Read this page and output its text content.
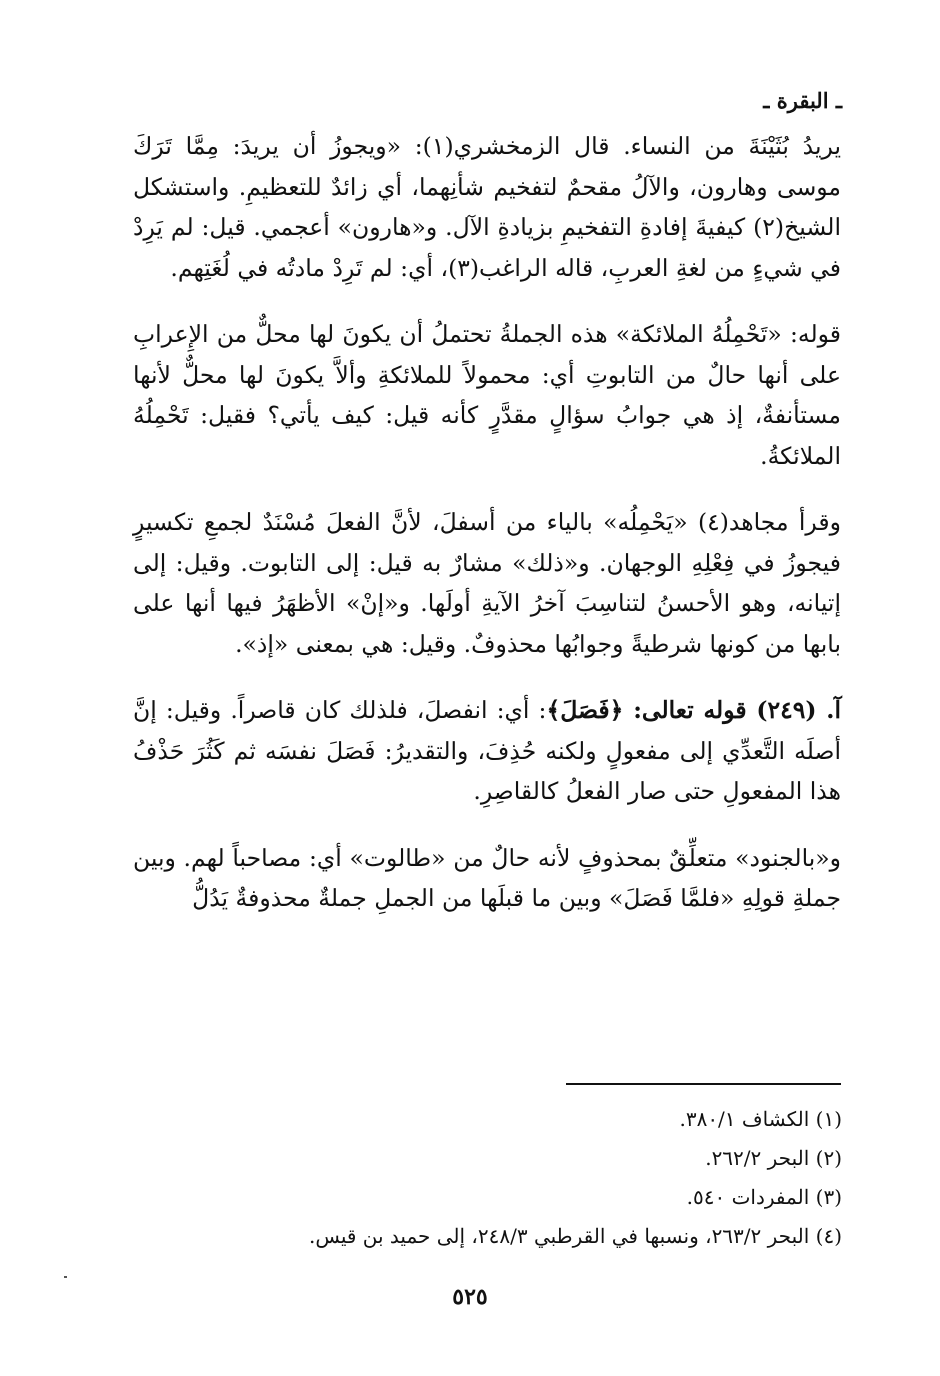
ـ البقرة ـ

يريدُ بُثَيْنَةَ من النساء. قال الزمخشري(١): «ويجوزُ أن يريدَ: مِمَّا تَرَكَ موسى وهارون، والآلُ مقحمٌ لتفخيم شأنِهما، أي زائدٌ للتعظيمِ. واستشكل الشيخ(٢) كيفيةَ إفادةِ التفخيمِ بزيادةِ الآل. و«هارون» أعجمي. قيل: لم يَرِدْ في شيءٍ من لغةِ العربِ، قاله الراغب(٣)، أي: لم تَرِدْ مادتُه في لُغَتِهم.

قوله: «تَحْمِلُهُ الملائكة» هذه الجملةُ تحتملُ أن يكونَ لها محلٌّ من الإِعرابِ على أنها حالٌ من التابوتِ أي: محمولاً للملائكةِ وألاَّ يكونَ لها محلٌّ لأنها مستأنفةٌ، إذ هي جوابُ سؤالٍ مقدَّرٍ كأنه قيل: كيف يأتي؟ فقيل: تَحْمِلُهُ الملائكةُ.

وقرأ مجاهد(٤) «يَحْمِلُه» بالياء من أسفلَ، لأنَّ الفعلَ مُسْنَدٌ لجمعِ تكسيرٍ فيجوزُ في فِعْلِهِ الوجهان. و«ذلك» مشارٌ به قيل: إلى التابوت. وقيل: إلى إتيانه، وهو الأحسنُ لتناسِبَ آخرُ الآيةِ أولَها. و«إنْ» الأظهَرُ فيها أنها على بابها من كونها شرطيةً وجوابُها محذوفٌ. وقيل: هي بمعنى «إذ».

آ. (٢٤٩) قوله تعالى: ﴿فَصَلَ﴾: أي: انفصلَ، فلذلك كان قاصراً. وقيل: إنَّ أصلَه التَّعدِّي إلى مفعولٍ ولكنه حُذِفَ، والتقديرُ: فَصَلَ نفسَه ثم كَثُرَ حَذْفُ هذا المفعولِ حتى صار الفعلُ كالقاصِرِ.

و«بالجنود» متعلِّقٌ بمحذوفٍ لأنه حالٌ من «طالوت» أي: مصاحباً لهم. وبين جملةِ قولِهِ «فلمَّا فَصَلَ» وبين ما قبلَها من الجملِ جملةٌ محذوفةٌ يَدُلُّ

(١) الكشاف ٣٨٠/١.

(٢) البحر ٢٦٢/٢.

(٣) المفردات ٥٤٠.

(٤) البحر ٢٦٣/٢، ونسبها في القرطبي ٢٤٨/٣، إلى حميد بن قيس.

٥٢٥
